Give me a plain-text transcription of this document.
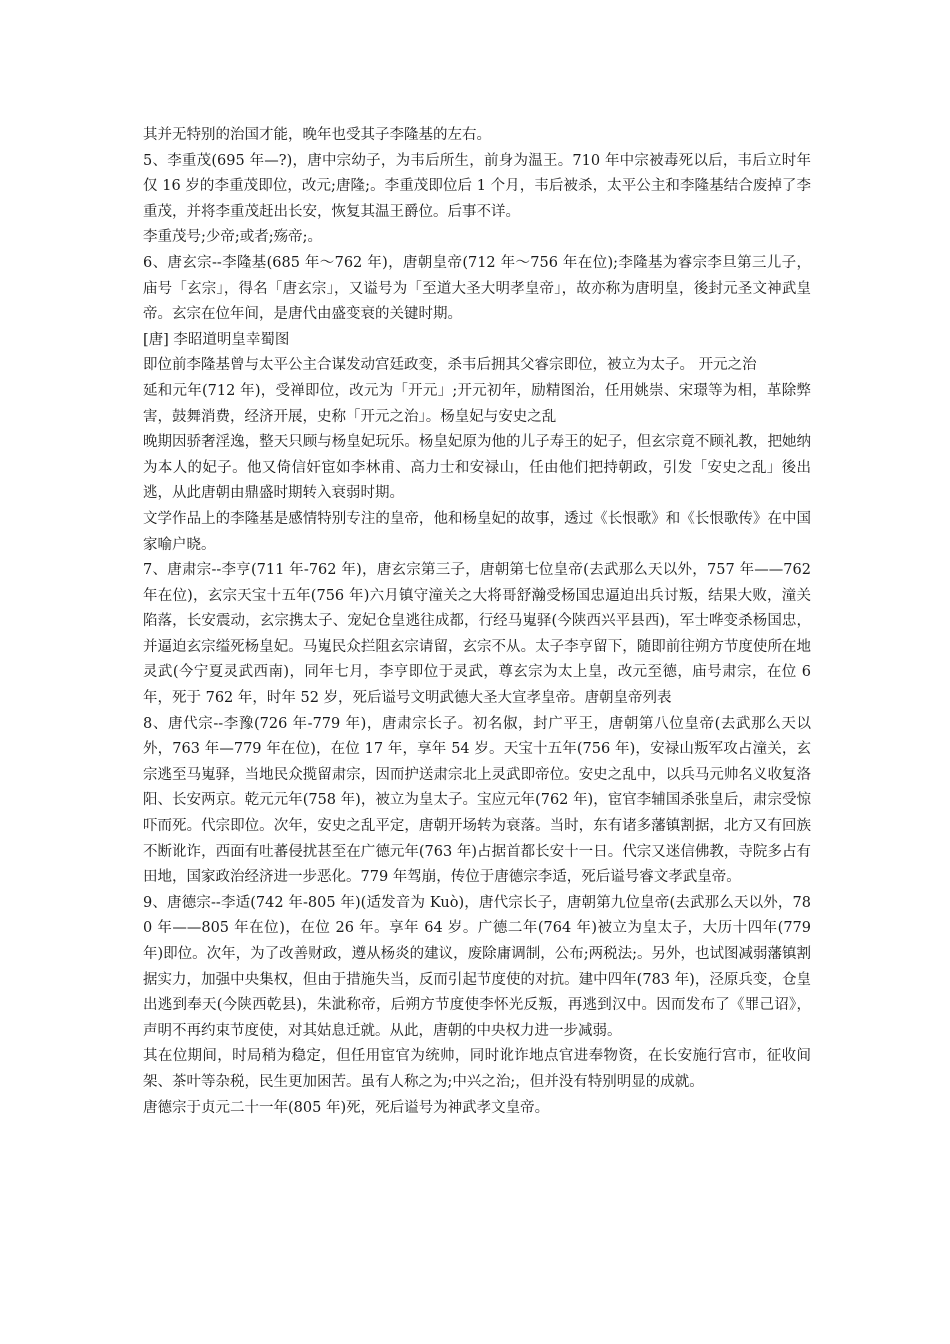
其并无特别的治国才能，晚年也受其子李隆基的左右。

5、李重茂(695 年—?)，唐中宗幼子，为韦后所生，前身为温王。710 年中宗被毒死以后，韦后立时年仅 16 岁的李重茂即位，改元;唐隆;。李重茂即位后 1 个月，韦后被杀，太平公主和李隆基结合废掉了李重茂，并将李重茂赶出长安，恢复其温王爵位。后事不详。

李重茂号;少帝;或者;殇帝;。

6、唐玄宗--李隆基(685 年～762 年)，唐朝皇帝(712 年～756 年在位);李隆基为睿宗李旦第三儿子，庙号「玄宗」，得名「唐玄宗」，又谥号为「至道大圣大明孝皇帝」，故亦称为唐明皇，後封元圣文神武皇帝。玄宗在位年间，是唐代由盛变衰的关键时期。

[唐] 李昭道明皇幸蜀图

即位前李隆基曾与太平公主合谋发动宫廷政变，杀韦后拥其父睿宗即位，被立为太子。 开元之治

延和元年(712 年)，受禅即位，改元为「开元」;开元初年，励精图治，任用姚崇、宋璟等为相，革除弊害，鼓舞消费，经济开展，史称「开元之治」。杨皇妃与安史之乱

晚期因骄奢淫逸，整天只顾与杨皇妃玩乐。杨皇妃原为他的儿子寿王的妃子，但玄宗竟不顾礼教，把她纳为本人的妃子。他又倚信奸宦如李林甫、高力士和安禄山，任由他们把持朝政，引发「安史之乱」後出逃，从此唐朝由鼎盛时期转入衰弱时期。

文学作品上的李隆基是感情特别专注的皇帝，他和杨皇妃的故事，透过《长恨歌》和《长恨歌传》在中国家喻户晓。

7、唐肃宗--李亨(711 年-762 年)，唐玄宗第三子，唐朝第七位皇帝(去武那么天以外，757 年——762 年在位)，玄宗天宝十五年(756 年)六月镇守潼关之大将哥舒瀚受杨国忠逼迫出兵讨叛，结果大败，潼关陷落，长安震动，玄宗携太子、宠妃仓皇逃往成都，行经马嵬驿(今陕西兴平县西)，军士哗变杀杨国忠，并逼迫玄宗缢死杨皇妃。马嵬民众拦阻玄宗请留，玄宗不从。太子李亨留下，随即前往朔方节度使所在地灵武(今宁夏灵武西南)，同年七月，李亨即位于灵武，尊玄宗为太上皇，改元至德，庙号肃宗，在位 6 年，死于 762 年，时年 52 岁，死后谥号文明武德大圣大宣孝皇帝。唐朝皇帝列表

8、唐代宗--李豫(726 年-779 年)，唐肃宗长子。初名俶，封广平王，唐朝第八位皇帝(去武那么天以外，763 年—779 年在位)，在位 17 年，享年 54 岁。天宝十五年(756 年)，安禄山叛军攻占潼关，玄宗逃至马嵬驿，当地民众揽留肃宗，因而护送肃宗北上灵武即帝位。安史之乱中，以兵马元帅名义收复洛阳、长安两京。乾元元年(758 年)，被立为皇太子。宝应元年(762 年)，宦官李辅国杀张皇后，肃宗受惊吓而死。代宗即位。次年，安史之乱平定，唐朝开场转为衰落。当时，东有诸多藩镇割据，北方又有回族不断讹诈，西面有吐蕃侵扰甚至在广德元年(763 年)占据首都长安十一日。代宗又迷信佛教，寺院多占有田地，国家政治经济进一步恶化。779 年驾崩，传位于唐德宗李适，死后谥号睿文孝武皇帝。

9、唐德宗--李适(742 年-805 年)(适发音为 Kuò)，唐代宗长子，唐朝第九位皇帝(去武那么天以外，780 年——805 年在位)，在位 26 年。享年 64 岁。广德二年(764 年)被立为皇太子，大历十四年(779 年)即位。次年，为了改善财政，遵从杨炎的建议，废除庸调制，公布;两税法;。另外，也试图减弱藩镇割据实力，加强中央集权，但由于措施失当，反而引起节度使的对抗。建中四年(783 年)，泾原兵变，仓皇出逃到奉天(今陕西乾县)，朱泚称帝，后朔方节度使李怀光反叛，再逃到汉中。因而发布了《罪己诏》，声明不再约束节度使，对其姑息迁就。从此，唐朝的中央权力进一步减弱。

其在位期间，时局稍为稳定，但任用宦官为统帅，同时讹诈地点官进奉物资，在长安施行宫市，征收间架、茶叶等杂税，民生更加困苦。虽有人称之为;中兴之治;，但并没有特别明显的成就。

唐德宗于贞元二十一年(805 年)死，死后谥号为神武孝文皇帝。
